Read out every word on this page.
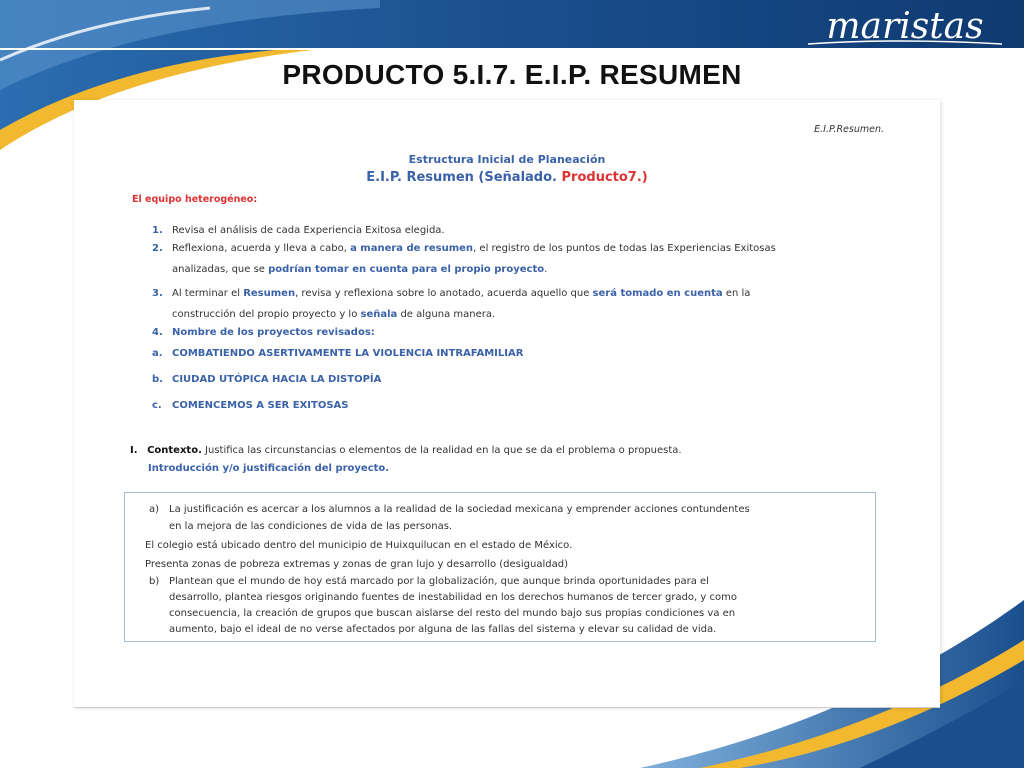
maristas
PRODUCTO 5.I.7. E.I.P. RESUMEN
E.I.P.Resumen.
Estructura Inicial de Planeación
E.I.P. Resumen (Señalado. Producto7.)
El equipo heterogéneo:
1. Revisa el análisis de cada Experiencia Exitosa elegida.
2. Reflexiona, acuerda y lleva a cabo, a manera de resumen, el registro de los puntos de todas las Experiencias Exitosas
analizadas, que se podrían tomar en cuenta para el propio proyecto.
3. Al terminar el Resumen, revisa y reflexiona sobre lo anotado, acuerda aquello que será tomado en cuenta en la
construcción del propio proyecto y lo señala de alguna manera.
4. Nombre de los proyectos revisados:
a. COMBATIENDO ASERTIVAMENTE LA VIOLENCIA INTRAFAMILIAR
b. CIUDAD UTÓPICA HACIA LA DISTOPÍA
c. COMENCEMOS A SER EXITOSAS
I. Contexto. Justifica las circunstancias o elementos de la realidad en la que se da el problema o propuesta.
Introducción y/o justificación del proyecto.
a) La justificación es acercar a los alumnos a la realidad de la sociedad mexicana y emprender acciones contundentes
en la mejora de las condiciones de vida de las personas.
El colegio está ubicado dentro del municipio de Huixquilucan en el estado de México.
Presenta zonas de pobreza extremas y zonas de gran lujo y desarrollo (desigualdad)
b) Plantean que el mundo de hoy está marcado por la globalización, que aunque brinda oportunidades para el
desarrollo, plantea riesgos originando fuentes de inestabilidad en los derechos humanos de tercer grado, y como
consecuencia, la creación de grupos que buscan aislarse del resto del mundo bajo sus propias condiciones va en
aumento, bajo el ideal de no verse afectados por alguna de las fallas del sistema y elevar su calidad de vida.
